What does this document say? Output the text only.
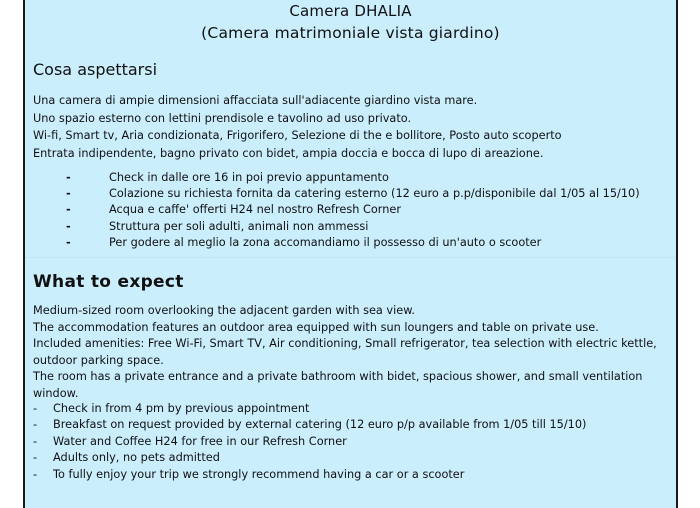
Camera DHALIA
(Camera matrimoniale vista giardino)
Cosa aspettarsi
Una camera di ampie dimensioni affacciata sull'adiacente giardino vista mare.
Uno spazio esterno con lettini prendisole e tavolino ad uso privato.
Wi-fi, Smart tv, Aria condizionata, Frigorifero, Selezione di the e bollitore, Posto auto scoperto
Entrata indipendente, bagno privato con bidet, ampia doccia e bocca di lupo di areazione.
-	Check in dalle ore 16 in poi previo appuntamento
-	Colazione su richiesta fornita da catering esterno (12 euro a p.p/disponibile dal 1/05 al 15/10)
-	Acqua e caffe' offerti H24 nel nostro Refresh Corner
-	Struttura per soli adulti, animali non ammessi
-	Per godere al meglio la zona accomandiamo il possesso di un'auto o scooter
What to expect
Medium-sized room overlooking the adjacent garden with sea view.
The accommodation features an outdoor area equipped with sun loungers and table on private use.
Included amenities: Free Wi-Fi, Smart TV, Air conditioning, Small refrigerator, tea selection with electric kettle,
outdoor parking space.
The room has a private entrance and a private bathroom with bidet, spacious shower, and small ventilation
window.
- Check in from 4 pm by previous appointment
- Breakfast on request provided by external catering (12 euro p/p available from 1/05 till 15/10)
- Water and Coffee H24 for free in our Refresh Corner
- Adults only, no pets admitted
- To fully enjoy your trip we strongly recommend having a car or a scooter
